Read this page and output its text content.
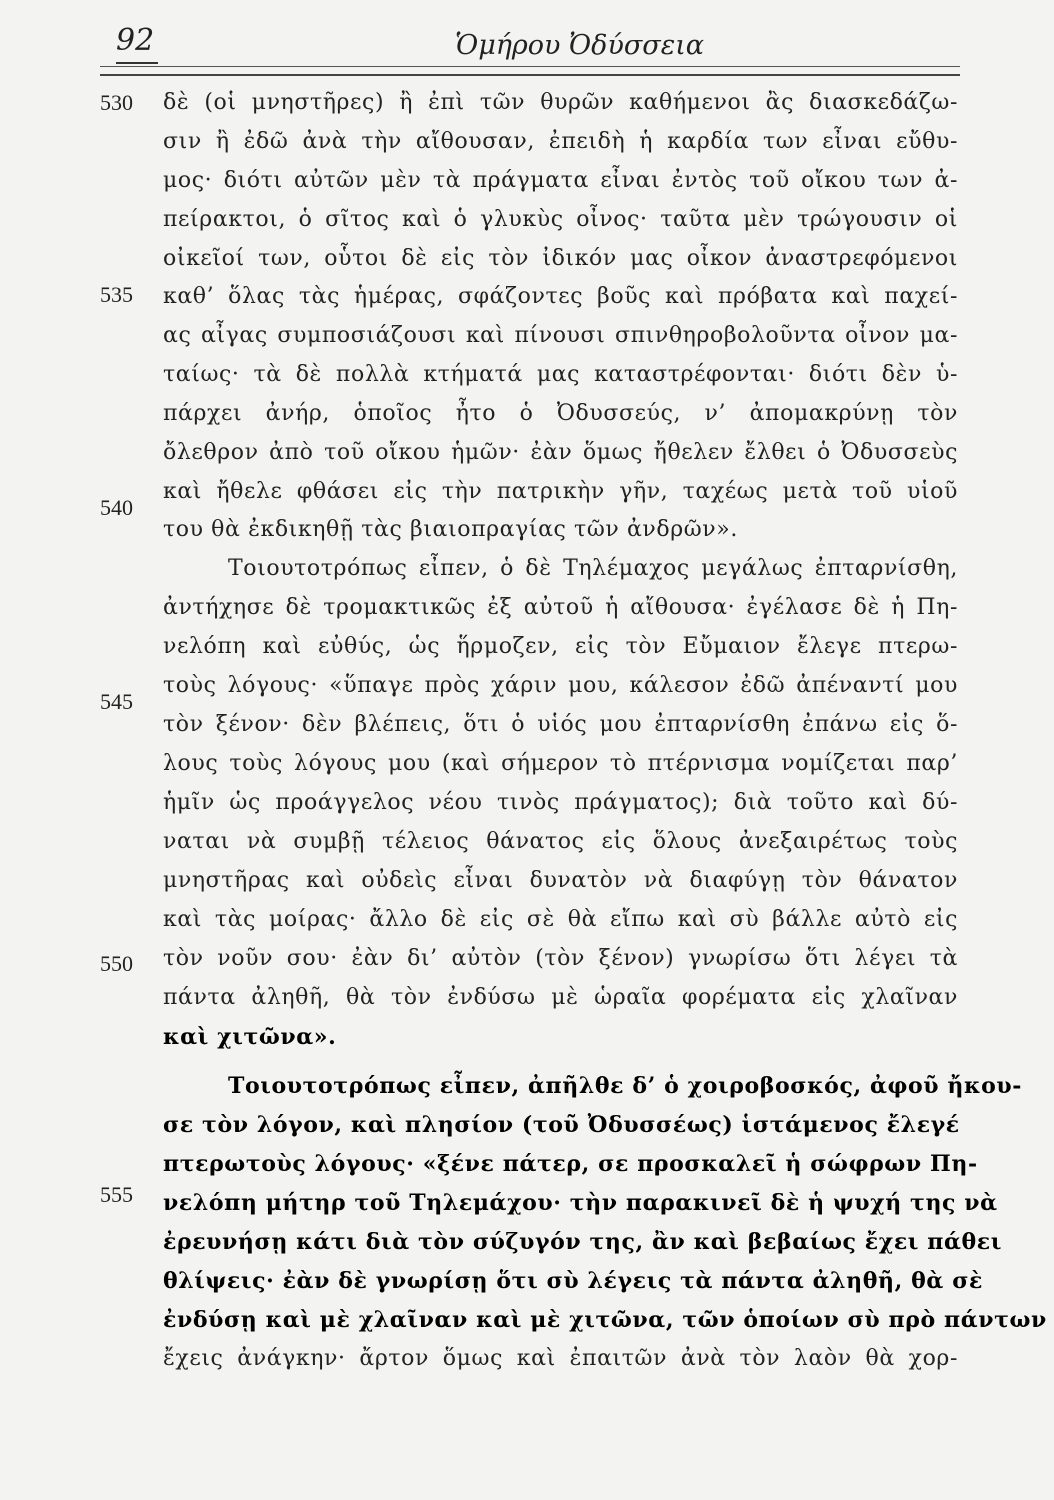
92	Ὁμήρου Ὀδύσσεια
530
535
540
545
550
555
δὲ (οἱ μνηστῆρες) ἢ ἐπὶ τῶν θυρῶν καθήμενοι ἂς διασκεδάζω-
σιν ἢ ἐδῶ ἀνὰ τὴν αἴθουσαν, ἐπειδὴ ἡ καρδία των εἶναι εὔθυ-
μος· διότι αὐτῶν μὲν τὰ πράγματα εἶναι ἐντὸς τοῦ οἴκου των ἀ-
πείρακτοι, ὁ σῖτος καὶ ὁ γλυκὺς οἶνος· ταῦτα μὲν τρώγουσιν οἱ
οἰκεῖοί των, οὗτοι δὲ εἰς τὸν ἰδικόν μας οἶκον ἀναστρεφόμενοι
καθ’ ὅλας τὰς ἡμέρας, σφάζοντες βοῦς καὶ πρόβατα καὶ παχεί-
ας αἶγας συμποσιάζουσι καὶ πίνουσι σπινθηροβολοῦντα οἶνον μα-
ταίως· τὰ δὲ πολλὰ κτήματά μας καταστρέφονται· διότι δὲν ὑ-
πάρχει ἀνήρ, ὁποῖος ἦτο ὁ Ὀδυσσεύς, ν’ ἀπομακρύνῃ τὸν
ὄλεθρον ἀπὸ τοῦ οἴκου ἡμῶν· ἐὰν ὅμως ἤθελεν ἔλθει ὁ Ὀδυσσεὺς
καὶ ἤθελε φθάσει εἰς τὴν πατρικὴν γῆν, ταχέως μετὰ τοῦ υἱοῦ
του θὰ ἐκδικηθῇ τὰς βιαιοπραγίας τῶν ἀνδρῶν».
Τοιουτοτρόπως εἶπεν, ὁ δὲ Τηλέμαχος μεγάλως ἐπταρνίσθη,
ἀντήχησε δὲ τρομακτικῶς ἐξ αὐτοῦ ἡ αἴθουσα· ἐγέλασε δὲ ἡ Πη-
νελόπη καὶ εὐθύς, ὡς ἥρμοζεν, εἰς τὸν Εὔμαιον ἔλεγε πτερω-
τοὺς λόγους· «ὕπαγε πρὸς χάριν μου, κάλεσον ἐδῶ ἀπέναντί μου
τὸν ξένον· δὲν βλέπεις, ὅτι ὁ υἱός μου ἐπταρνίσθη ἐπάνω εἰς ὅ-
λους τοὺς λόγους μου (καὶ σήμερον τὸ πτέρνισμα νομίζεται παρ’
ἡμῖν ὡς προάγγελος νέου τινὸς πράγματος); διὰ τοῦτο καὶ δύ-
ναται νὰ συμβῇ τέλειος θάνατος εἰς ὅλους ἀνεξαιρέτως τοὺς
μνηστῆρας καὶ οὐδεὶς εἶναι δυνατὸν νὰ διαφύγῃ τὸν θάνατον
καὶ τὰς μοίρας· ἄλλο δὲ εἰς σὲ θὰ εἴπω καὶ σὺ βάλλε αὐτὸ εἰς
τὸν νοῦν σου· ἐὰν δι’ αὐτὸν (τὸν ξένον) γνωρίσω ὅτι λέγει τὰ
πάντα ἀληθῆ, θὰ τὸν ἐνδύσω μὲ ὡραῖα φορέματα εἰς χλαῖναν
καὶ χιτῶνα».
Τοιουτοτρόπως εἶπεν, ἀπῆλθε δ’ ὁ χοιροβοσκός, ἀφοῦ ἤκου-
σε τὸν λόγον, καὶ πλησίον (τοῦ Ὀδυσσέως) ἱστάμενος ἔλεγέ
πτερωτοὺς λόγους· «ξένε πάτερ, σε προσκαλεῖ ἡ σώφρων Πη-
νελόπη μήτηρ τοῦ Τηλεμάχου· τὴν παρακινεῖ δὲ ἡ ψυχή της νὰ
ἐρευνήσῃ κάτι διὰ τὸν σύζυγόν της, ἂν καὶ βεβαίως ἔχει πάθει
θλίψεις· ἐὰν δὲ γνωρίσῃ ὅτι σὺ λέγεις τὰ πάντα ἀληθῆ, θὰ σὲ
ἐνδύσῃ καὶ μὲ χλαῖναν καὶ μὲ χιτῶνα, τῶν ὁποίων σὺ πρὸ πάντων
ἔχεις ἀνάγκην· ἄρτον ὅμως καὶ ἐπαιτῶν ἀνὰ τὸν λαὸν θὰ χορ-
